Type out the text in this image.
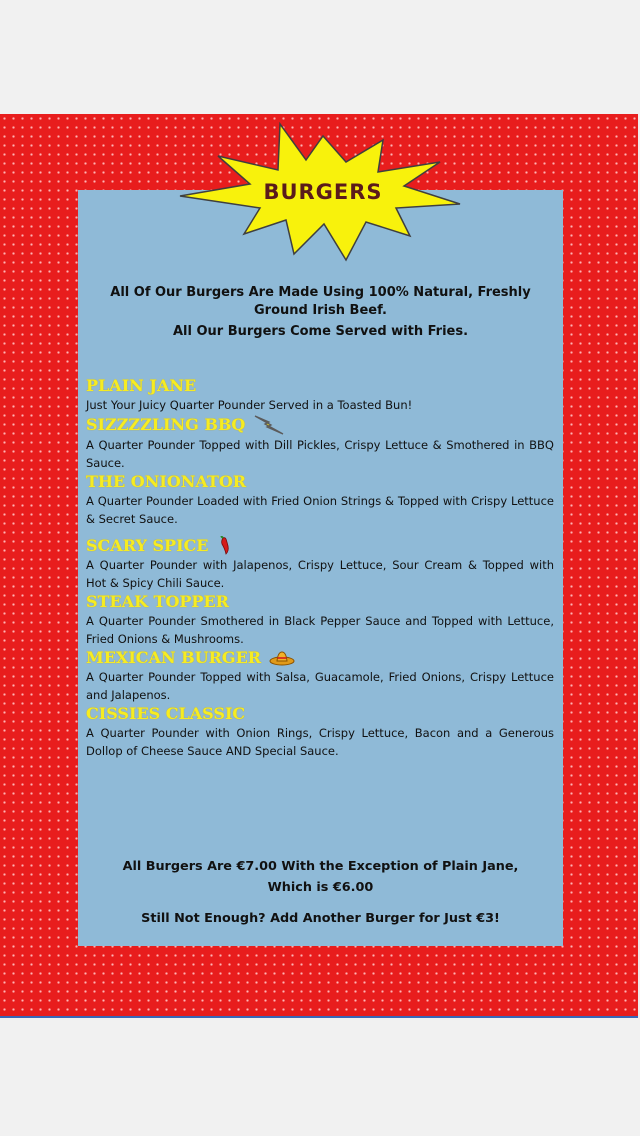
All Of Our Burgers Are Made Using 100% Natural, Freshly
Ground Irish Beef.
All Our Burgers Come Served with Fries.
PLAIN JANE
Just Your Juicy Quarter Pounder Served in a Toasted Bun!
SIZZZZLING BBQ
A Quarter Pounder Topped with Dill Pickles, Crispy Lettuce & Smothered in BBQ Sauce.
THE ONIONATOR
A Quarter Pounder Loaded with Fried Onion Strings & Topped with Crispy Lettuce & Secret Sauce.
SCARY SPICE
A Quarter Pounder with Jalapenos, Crispy Lettuce, Sour Cream & Topped with Hot & Spicy Chili Sauce.
STEAK TOPPER
A Quarter Pounder Smothered in Black Pepper Sauce and Topped with Lettuce, Fried Onions & Mushrooms.
MEXICAN BURGER
A Quarter Pounder Topped with Salsa, Guacamole, Fried Onions, Crispy Lettuce and Jalapenos.
CISSIES CLASSIC
A Quarter Pounder with Onion Rings, Crispy Lettuce, Bacon and a Generous Dollop of Cheese Sauce AND Special Sauce.
All Burgers Are €7.00 With the Exception of Plain Jane,
Which is €6.00
Still Not Enough? Add Another Burger for Just €3!
BURGERS
